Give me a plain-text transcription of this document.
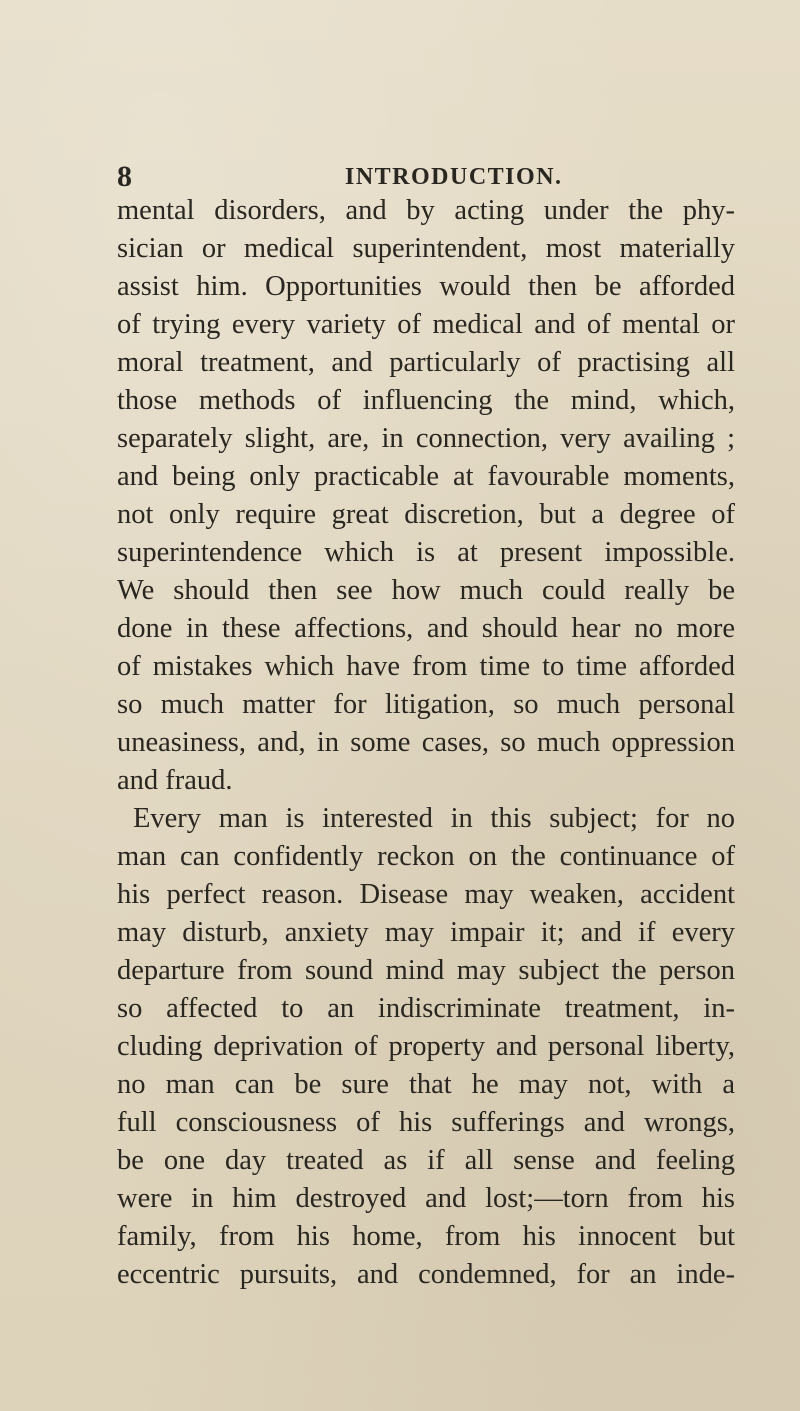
8	INTRODUCTION.
mental disorders, and by acting under the phy-
sician or medical superintendent, most materially
assist him. Opportunities would then be afforded
of trying every variety of medical and of mental or
moral treatment, and particularly of practising all
those methods of influencing the mind, which,
separately slight, are, in connection, very availing ;
and being only practicable at favourable moments,
not only require great discretion, but a degree of
superintendence which is at present impossible.
We should then see how much could really be
done in these affections, and should hear no more
of mistakes which have from time to time afforded
so much matter for litigation, so much personal
uneasiness, and, in some cases, so much oppression
and fraud.
Every man is interested in this subject; for no
man can confidently reckon on the continuance of
his perfect reason. Disease may weaken, accident
may disturb, anxiety may impair it; and if every
departure from sound mind may subject the person
so affected to an indiscriminate treatment, in-
cluding deprivation of property and personal liberty,
no man can be sure that he may not, with a
full consciousness of his sufferings and wrongs,
be one day treated as if all sense and feeling
were in him destroyed and lost;—torn from his
family, from his home, from his innocent but
eccentric pursuits, and condemned, for an inde-
